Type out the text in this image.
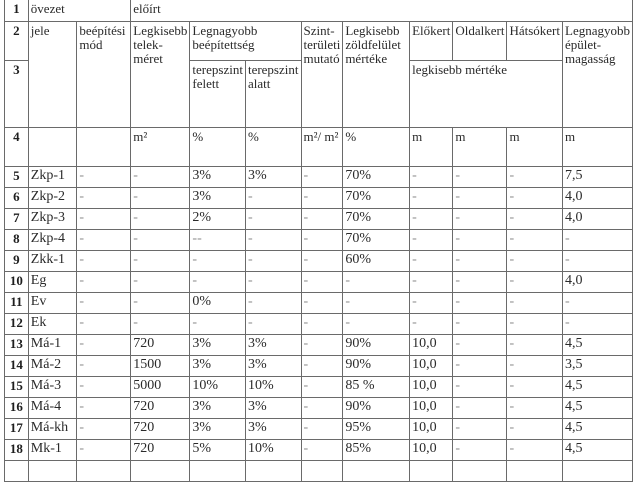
1	övezet		előírt								
2	jele	beépítési mód	Legkisebb telek-méret	Legnagyobb beépítettség		Szint-területi mutató	Legkisebb zöldfelület mértéke	Előkert	Oldalkert	Hátsókert	Legnagyobb épület-magasság
3				terepszint felett	terepszint alatt			legkisebb mértéke			
4			m²	%	%	m²/ m²	%	m	m	m	m
5	Zkp-1	-	-	3%	3%	-	70%	-	-	-	7,5
6	Zkp-2	-	-	3%	-	-	70%	-	-	-	4,0
7	Zkp-3	-	-	2%	-	-	70%	-	-	-	4,0
8	Zkp-4	-	-	--	-	-	70%	-	-	-	-
9	Zkk-1	-	-	-	-	-	60%	-	-	-	-
10	Eg	-	-	-	-	-	-	-	-	-	4,0
11	Ev	-	-	0%	-	-	-	-	-	-	-
12	Ek	-	-	-	-	-	-	-	-	-	-
13	Má-1	-	720	3%	3%	-	90%	10,0	-	-	4,5
14	Má-2	-	1500	3%	3%	-	90%	10,0	-	-	3,5
15	Má-3	-	5000	10%	10%	-	85 %	10,0	-	-	4,5
16	Má-4	-	720	3%	3%	-	90%	10,0	-	-	4,5
17	Má-kh	-	720	3%	3%	-	95%	10,0	-	-	4,5
18	Mk-1	-	720	5%	10%	-	85%	10,0	-	-	4,5
